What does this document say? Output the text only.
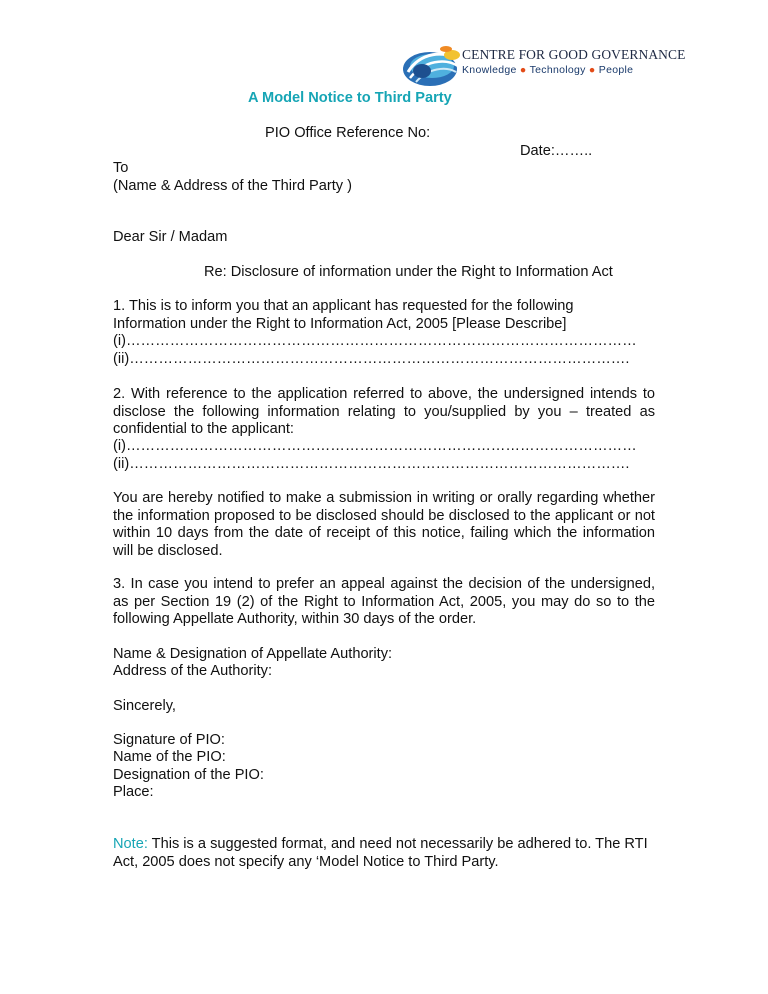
CENTRE FOR GOOD GOVERNANCE
Knowledge ● Technology ● People
A Model Notice to Third Party
PIO Office Reference No:
Date:……..
To
(Name & Address of the Third Party )
Dear Sir / Madam
Re: Disclosure of information under the Right to Information Act
1. This is to inform you that an applicant has requested for the following Information under the Right to Information Act, 2005 [Please Describe]
(i)……………………………………………………………………………………………
(ii)………………………………………………………………………………………….
2. With reference to the application referred to above, the undersigned intends to disclose the following information relating to you/supplied by you – treated as confidential to the applicant:
(i)……………………………………………………………………………………………
(ii)………………………………………………………………………………………….
You are hereby notified to make a submission in writing or orally regarding whether the information proposed to be disclosed should be disclosed to the applicant or not within 10 days from the date of receipt of this notice, failing which the information will be disclosed.
3. In case you intend to prefer an appeal against the decision of the undersigned, as per Section 19 (2) of the Right to Information Act, 2005, you may do so to the following Appellate Authority, within 30 days of the order.
Name & Designation of Appellate Authority:
Address of the Authority:
Sincerely,
Signature of PIO:
Name of the PIO:
Designation of the PIO:
Place:
Note: This is a suggested format, and need not necessarily be adhered to. The RTI Act, 2005 does not specify any ‘Model Notice to Third Party.
